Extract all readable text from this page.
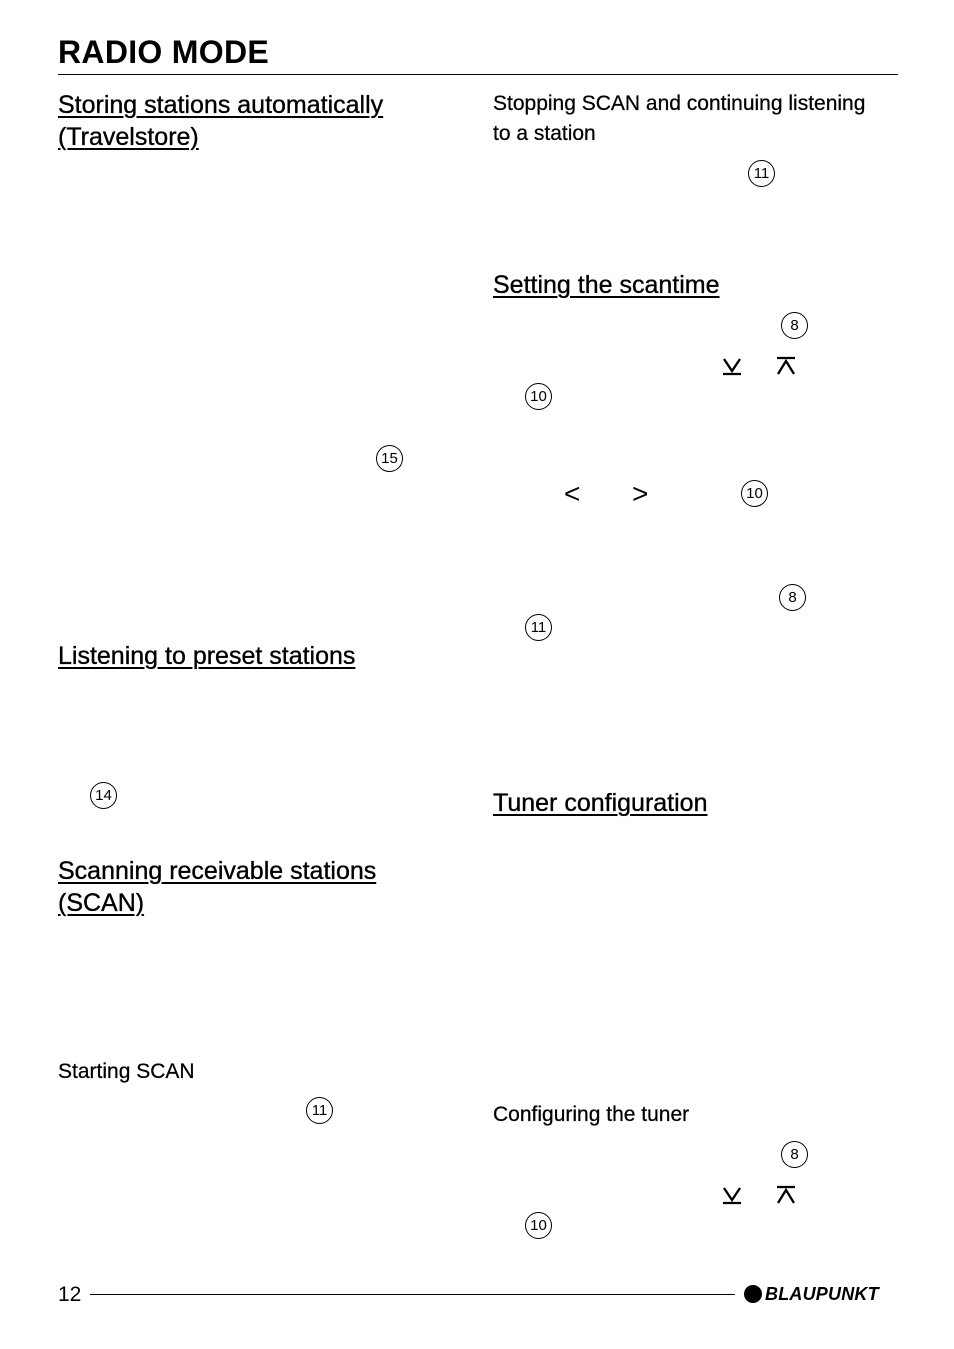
RADIO MODE
Storing stations automatically (Travelstore)
15
Listening to preset stations
14
Scanning receivable stations (SCAN)
Starting SCAN
11
Stopping SCAN and continuing listening to a station
11
Setting the scantime
8
10
< >	10
8
11
Tuner configuration
Configuring the tuner
8
10
12	BLAUPUNKT
